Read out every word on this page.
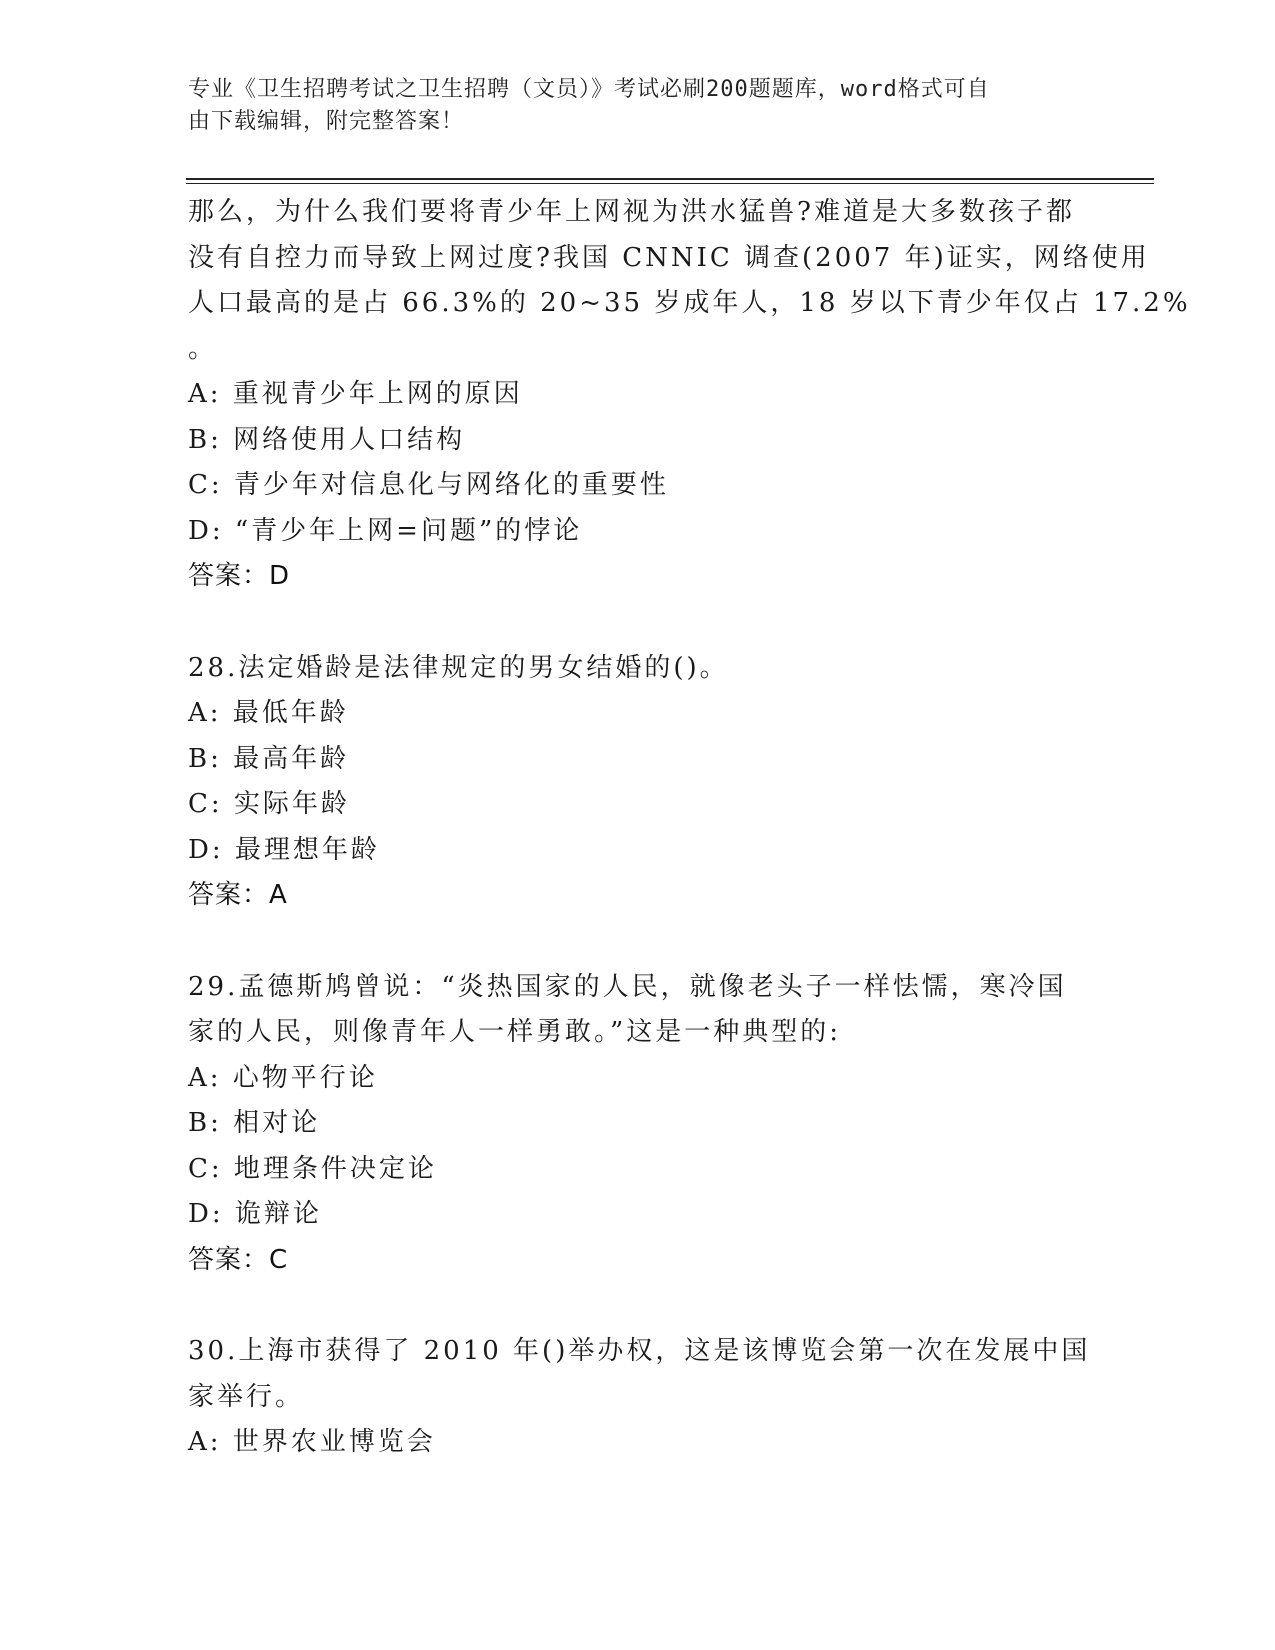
专业《卫生招聘考试之卫生招聘（文员）》考试必刷200题题库，word格式可自
由下载编辑，附完整答案！
那么，为什么我们要将青少年上网视为洪水猛兽?难道是大多数孩子都
没有自控力而导致上网过度?我国 CNNIC 调查(2007 年)证实，网络使用
人口最高的是占 66.3%的 20~35 岁成年人，18 岁以下青少年仅占 17.2%
。
A: 重视青少年上网的原因
B: 网络使用人口结构
C: 青少年对信息化与网络化的重要性
D: “青少年上网=问题”的悖论
答案：D
28.法定婚龄是法律规定的男女结婚的()。
A: 最低年龄
B: 最高年龄
C: 实际年龄
D: 最理想年龄
答案：A
29.孟德斯鸠曾说：“炎热国家的人民，就像老头子一样怯懦，寒冷国
家的人民，则像青年人一样勇敢。”这是一种典型的:
A: 心物平行论
B: 相对论
C: 地理条件决定论
D: 诡辩论
答案：C
30.上海市获得了 2010 年()举办权，这是该博览会第一次在发展中国
家举行。
A: 世界农业博览会
